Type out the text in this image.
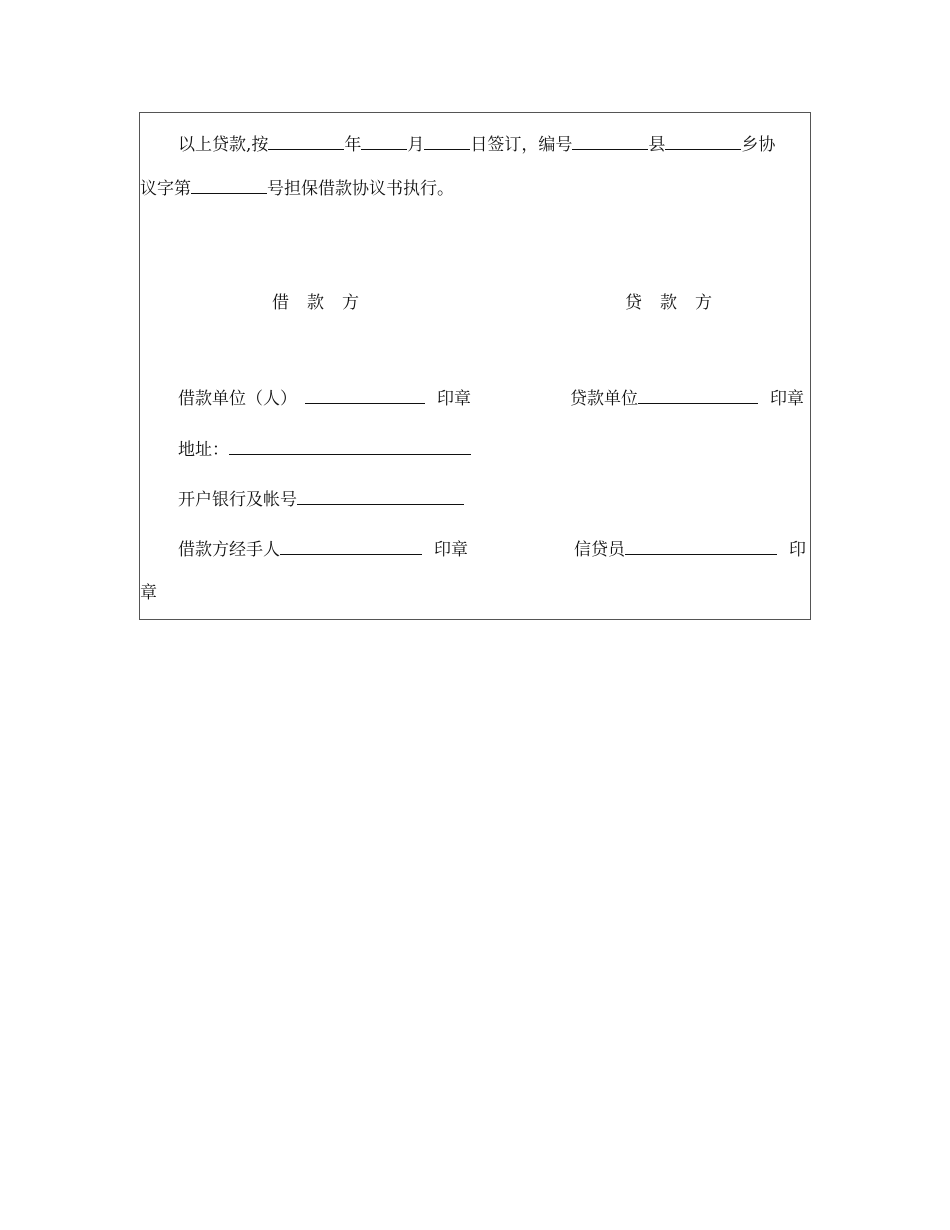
以上贷款,按	年	月	日签订，编号	县	乡协
议字第	号担保借款协议书执行。
借款方	贷款方
借款单位（人）	印章	贷款单位	印章
地址：
开户银行及帐号
借款方经手人	印章	信贷员	印
章
